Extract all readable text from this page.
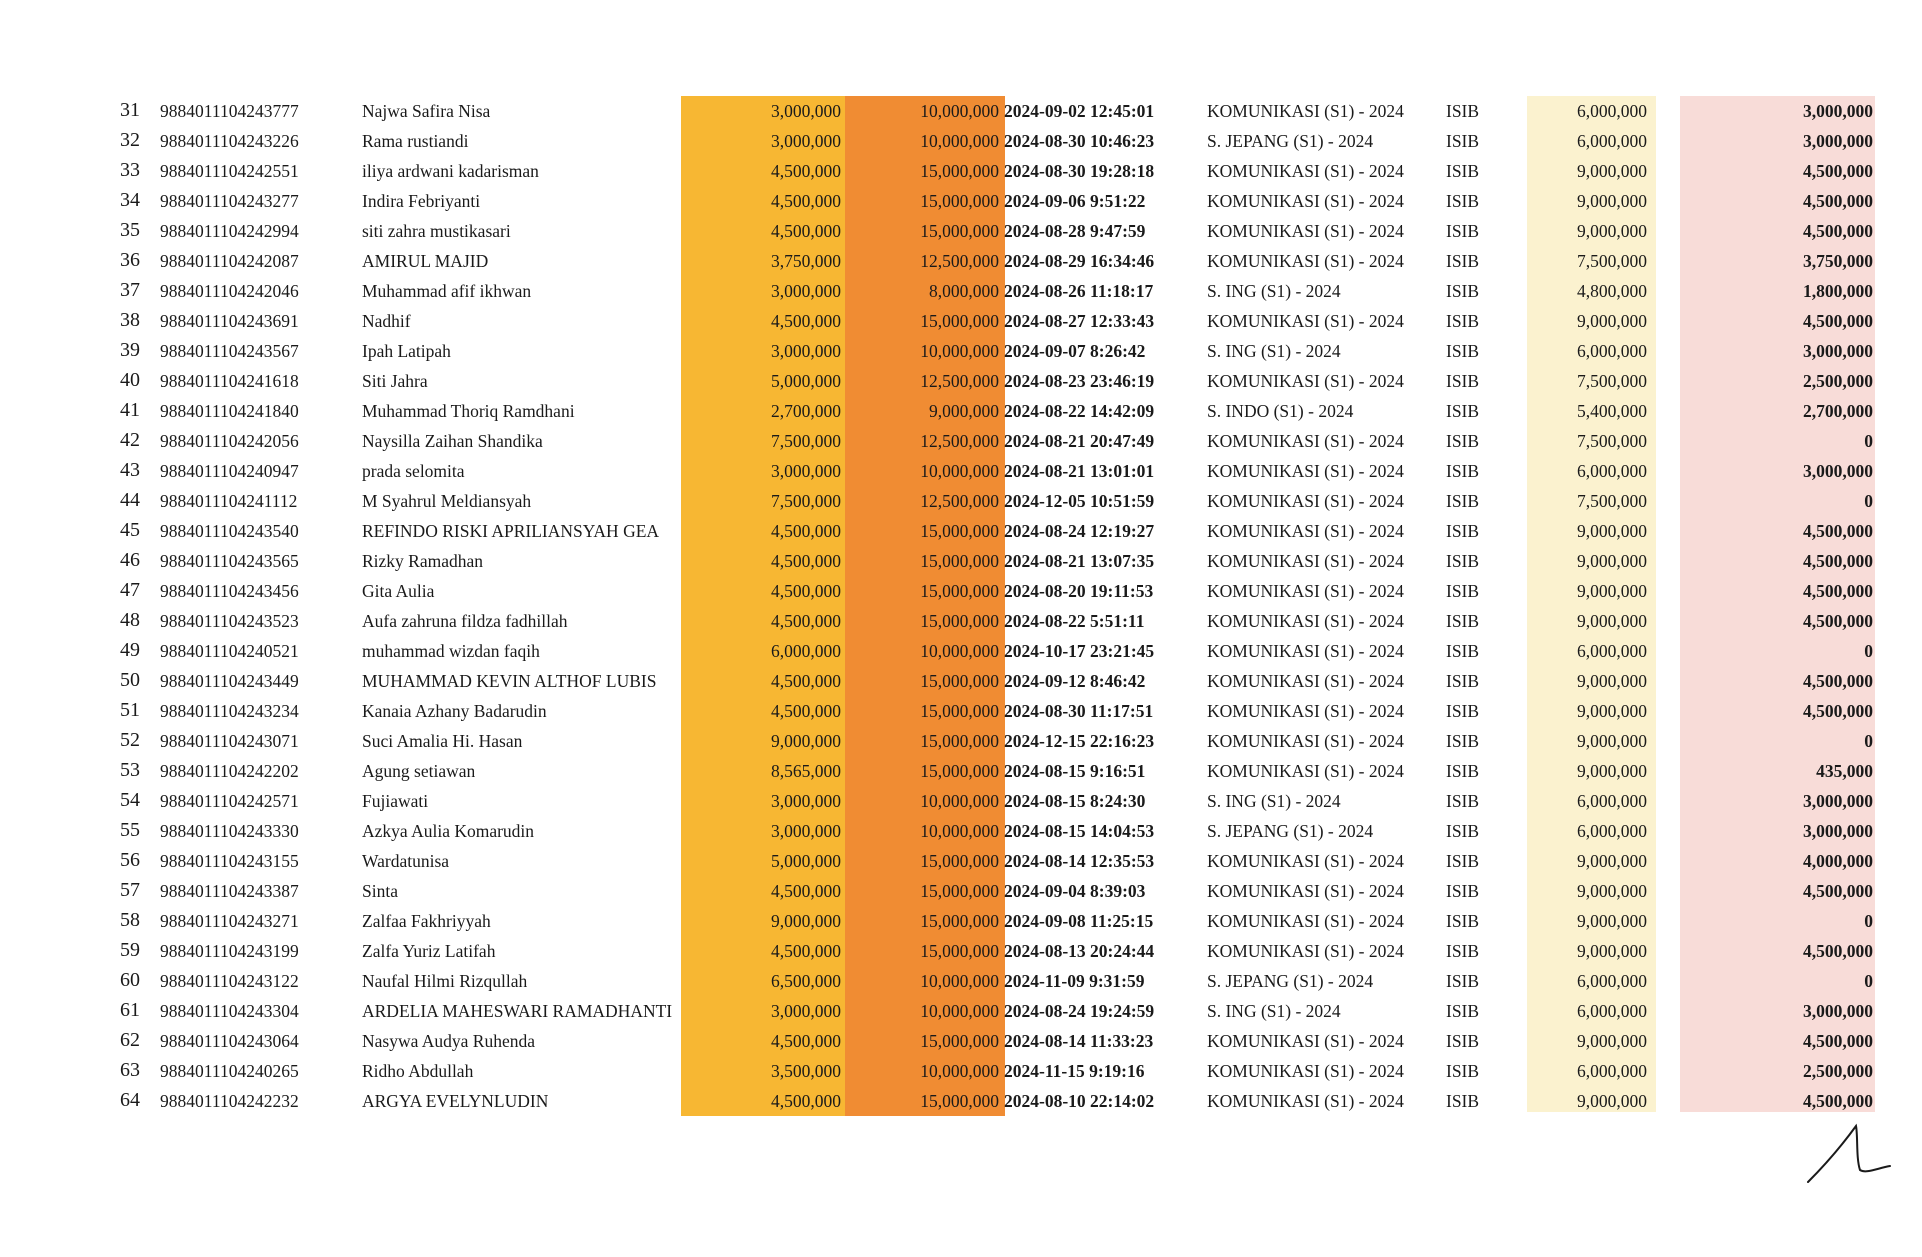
31 9884011104243777	Najwa Safira Nisa	3,000,000	10,000,000 2024-09-02 12:45:01	KOMUNIKASI (S1) - 2024 ISIB	6,000,000	3,000,000
32 9884011104243226	Rama rustiandi	3,000,000	10,000,000 2024-08-30 10:46:23	S. JEPANG (S1) - 2024	ISIB	6,000,000	3,000,000
33 9884011104242551	iliya ardwani kadarisman	4,500,000	15,000,000 2024-08-30 19:28:18	KOMUNIKASI (S1) - 2024 ISIB	9,000,000	4,500,000
34 9884011104243277	Indira Febriyanti	4,500,000	15,000,000 2024-09-06 9:51:22	KOMUNIKASI (S1) - 2024 ISIB	9,000,000	4,500,000
35 9884011104242994	siti zahra mustikasari	4,500,000	15,000,000 2024-08-28 9:47:59	KOMUNIKASI (S1) - 2024 ISIB	9,000,000	4,500,000
36 9884011104242087	AMIRUL MAJID	3,750,000	12,500,000 2024-08-29 16:34:46	KOMUNIKASI (S1) - 2024 ISIB	7,500,000	3,750,000
37 9884011104242046	Muhammad afif ikhwan	3,000,000	8,000,000 2024-08-26 11:18:17	S. ING (S1) - 2024	ISIB	4,800,000	1,800,000
38 9884011104243691	Nadhif	4,500,000	15,000,000 2024-08-27 12:33:43	KOMUNIKASI (S1) - 2024 ISIB	9,000,000	4,500,000
39 9884011104243567	Ipah Latipah	3,000,000	10,000,000 2024-09-07 8:26:42	S. ING (S1) - 2024	ISIB	6,000,000	3,000,000
40 9884011104241618	Siti Jahra	5,000,000	12,500,000 2024-08-23 23:46:19	KOMUNIKASI (S1) - 2024 ISIB	7,500,000	2,500,000
41 9884011104241840	Muhammad Thoriq Ramdhani	2,700,000	9,000,000 2024-08-22 14:42:09	S. INDO (S1) - 2024	ISIB	5,400,000	2,700,000
42 9884011104242056	Naysilla Zaihan Shandika	7,500,000	12,500,000 2024-08-21 20:47:49	KOMUNIKASI (S1) - 2024 ISIB	7,500,000	0
43 9884011104240947	prada selomita	3,000,000	10,000,000 2024-08-21 13:01:01	KOMUNIKASI (S1) - 2024 ISIB	6,000,000	3,000,000
44 9884011104241112	M Syahrul Meldiansyah	7,500,000	12,500,000 2024-12-05 10:51:59	KOMUNIKASI (S1) - 2024 ISIB	7,500,000	0
45 9884011104243540	REFINDO RISKI APRILIANSYAH GEA	4,500,000	15,000,000 2024-08-24 12:19:27	KOMUNIKASI (S1) - 2024 ISIB	9,000,000	4,500,000
46 9884011104243565	Rizky Ramadhan	4,500,000	15,000,000 2024-08-21 13:07:35	KOMUNIKASI (S1) - 2024 ISIB	9,000,000	4,500,000
47 9884011104243456	Gita Aulia	4,500,000	15,000,000 2024-08-20 19:11:53	KOMUNIKASI (S1) - 2024 ISIB	9,000,000	4,500,000
48 9884011104243523	Aufa zahruna fildza fadhillah	4,500,000	15,000,000 2024-08-22 5:51:11	KOMUNIKASI (S1) - 2024 ISIB	9,000,000	4,500,000
49 9884011104240521	muhammad wizdan faqih	6,000,000	10,000,000 2024-10-17 23:21:45	KOMUNIKASI (S1) - 2024 ISIB	6,000,000	0
50 9884011104243449	MUHAMMAD KEVIN ALTHOF LUBIS	4,500,000	15,000,000 2024-09-12 8:46:42	KOMUNIKASI (S1) - 2024 ISIB	9,000,000	4,500,000
51 9884011104243234	Kanaia Azhany Badarudin	4,500,000	15,000,000 2024-08-30 11:17:51	KOMUNIKASI (S1) - 2024 ISIB	9,000,000	4,500,000
52 9884011104243071	Suci Amalia Hi. Hasan	9,000,000	15,000,000 2024-12-15 22:16:23	KOMUNIKASI (S1) - 2024 ISIB	9,000,000	0
53 9884011104242202	Agung setiawan	8,565,000	15,000,000 2024-08-15 9:16:51	KOMUNIKASI (S1) - 2024 ISIB	9,000,000	435,000
54 9884011104242571	Fujiawati	3,000,000	10,000,000 2024-08-15 8:24:30	S. ING (S1) - 2024	ISIB	6,000,000	3,000,000
55 9884011104243330	Azkya Aulia Komarudin	3,000,000	10,000,000 2024-08-15 14:04:53	S. JEPANG (S1) - 2024	ISIB	6,000,000	3,000,000
56 9884011104243155	Wardatunisa	5,000,000	15,000,000 2024-08-14 12:35:53	KOMUNIKASI (S1) - 2024 ISIB	9,000,000	4,000,000
57 9884011104243387	Sinta	4,500,000	15,000,000 2024-09-04 8:39:03	KOMUNIKASI (S1) - 2024 ISIB	9,000,000	4,500,000
58 9884011104243271	Zalfaa Fakhriyyah	9,000,000	15,000,000 2024-09-08 11:25:15	KOMUNIKASI (S1) - 2024 ISIB	9,000,000	0
59 9884011104243199	Zalfa Yuriz Latifah	4,500,000	15,000,000 2024-08-13 20:24:44	KOMUNIKASI (S1) - 2024 ISIB	9,000,000	4,500,000
60 9884011104243122	Naufal Hilmi Rizqullah	6,500,000	10,000,000 2024-11-09 9:31:59	S. JEPANG (S1) - 2024	ISIB	6,000,000	0
61 9884011104243304	ARDELIA MAHESWARI RAMADHANTI	3,000,000	10,000,000 2024-08-24 19:24:59	S. ING (S1) - 2024	ISIB	6,000,000	3,000,000
62 9884011104243064	Nasywa Audya Ruhenda	4,500,000	15,000,000 2024-08-14 11:33:23	KOMUNIKASI (S1) - 2024 ISIB	9,000,000	4,500,000
63 9884011104240265	Ridho Abdullah	3,500,000	10,000,000 2024-11-15 9:19:16	KOMUNIKASI (S1) - 2024 ISIB	6,000,000	2,500,000
64 9884011104242232	ARGYA EVELYNLUDIN	4,500,000	15,000,000 2024-08-10 22:14:02	KOMUNIKASI (S1) - 2024 ISIB	9,000,000	4,500,000
